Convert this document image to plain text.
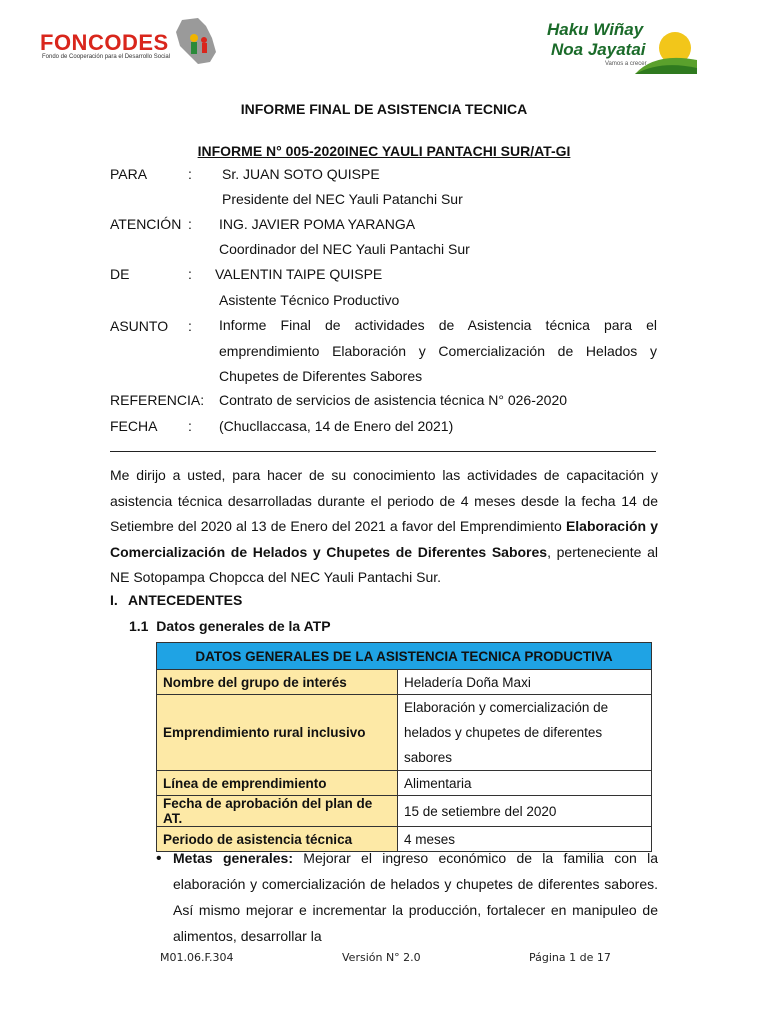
FONCODES
Fondo de Cooperación para el Desarrollo Social
Haku Wiñay
Noa Jayatai
Vamos a crecer
INFORME FINAL DE ASISTENCIA TECNICA
INFORME N° 005-2020INEC YAULI PANTACHI SUR/AT-GI
PARA	: Sr. JUAN SOTO QUISPE
Presidente del NEC Yauli Patanchi Sur
ATENCIÓN : ING. JAVIER POMA YARANGA
Coordinador del NEC Yauli Pantachi Sur
DE	: VALENTIN TAIPE QUISPE
Asistente Técnico Productivo
ASUNTO : Informe Final de actividades de Asistencia técnica para el emprendimiento Elaboración y Comercialización de Helados y Chupetes de Diferentes Sabores
REFERENCIA: Contrato de servicios de asistencia técnica N° 026-2020
FECHA : (Chucllaccasa, 14 de Enero del 2021)
Me dirijo a usted, para hacer de su conocimiento las actividades de capacitación y asistencia técnica desarrolladas durante el periodo de 4 meses desde la fecha 14 de Setiembre del 2020 al 13 de Enero del 2021 a favor del Emprendimiento Elaboración y Comercialización de Helados y Chupetes de Diferentes Sabores, perteneciente al NE Sotopampa Chopcca del NEC Yauli Pantachi Sur.
I. ANTECEDENTES
1.1 Datos generales de la ATP
DATOS GENERALES DE LA ASISTENCIA TECNICA PRODUCTIVA	
Nombre del grupo de interés	Heladería Doña Maxi
Emprendimiento rural inclusivo	Elaboración y comercialización de helados y chupetes de diferentes sabores
Línea de emprendimiento	Alimentaria
Fecha de aprobación del plan de AT.	15 de setiembre del 2020
Periodo de asistencia técnica	4 meses
• Metas generales: Mejorar el ingreso económico de la familia con la elaboración y comercialización de helados y chupetes de diferentes sabores. Así mismo mejorar e incrementar la producción, fortalecer en manipuleo de alimentos, desarrollar la
M01.06.F.304	Versión N° 2.0	Página 1 de 17
